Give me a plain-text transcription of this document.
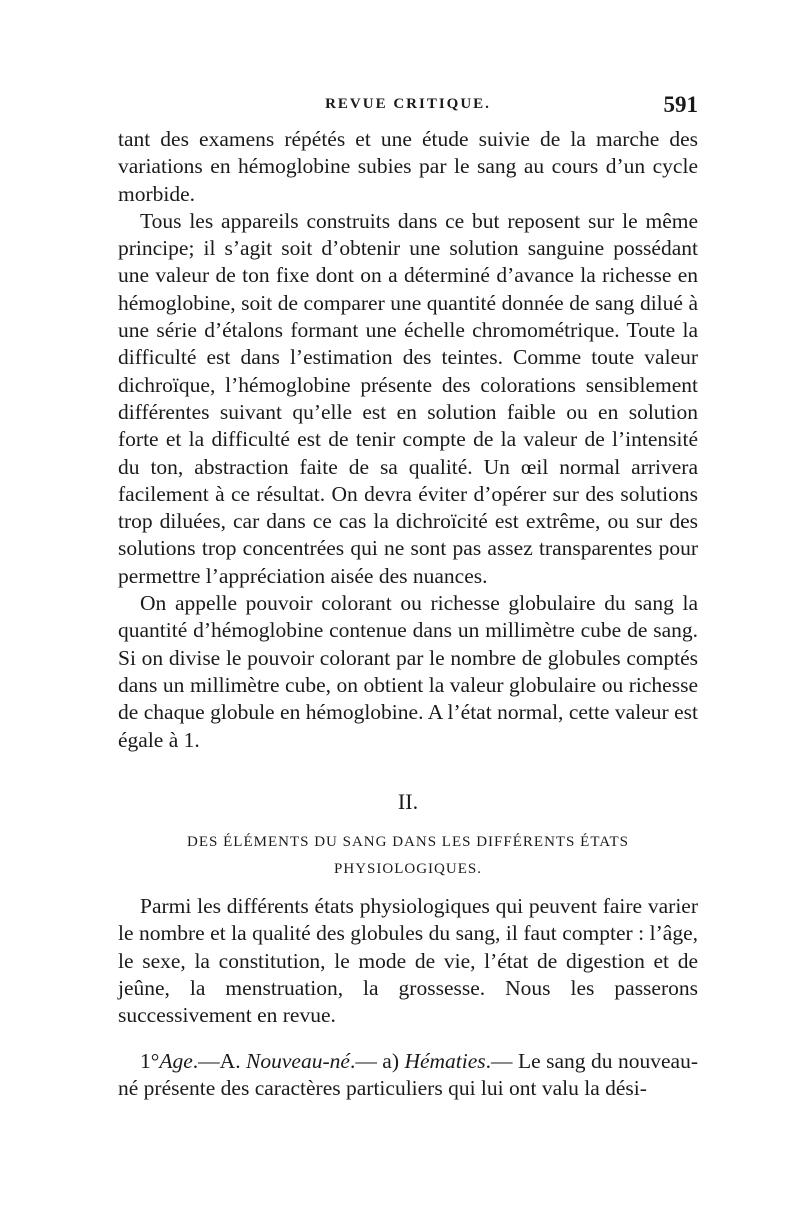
REVUE CRITIQUE.	591

tant des examens répétés et une étude suivie de la marche des variations en hémoglobine subies par le sang au cours d’un cycle morbide.

Tous les appareils construits dans ce but reposent sur le même principe; il s’agit soit d’obtenir une solution sanguine possédant une valeur de ton fixe dont on a déterminé d’avance la richesse en hémoglobine, soit de comparer une quantité donnée de sang dilué à une série d’étalons formant une échelle chromométrique. Toute la difficulté est dans l’estimation des teintes. Comme toute valeur dichroïque, l’hémoglobine présente des colorations sensiblement différentes suivant qu’elle est en solution faible ou en solution forte et la difficulté est de tenir compte de la valeur de l’intensité du ton, abstraction faite de sa qualité. Un œil normal arrivera facilement à ce résultat. On devra éviter d’opérer sur des solutions trop diluées, car dans ce cas la dichroïcité est extrême, ou sur des solutions trop concentrées qui ne sont pas assez transparentes pour permettre l’appréciation aisée des nuances.

On appelle pouvoir colorant ou richesse globulaire du sang la quantité d’hémoglobine contenue dans un millimètre cube de sang. Si on divise le pouvoir colorant par le nombre de globules comptés dans un millimètre cube, on obtient la valeur globulaire ou richesse de chaque globule en hémoglobine. A l’état normal, cette valeur est égale à 1.

II.
DES ÉLÉMENTS DU SANG DANS LES DIFFÉRENTS ÉTATS PHYSIOLOGIQUES.

Parmi les différents états physiologiques qui peuvent faire varier le nombre et la qualité des globules du sang, il faut compter : l’âge, le sexe, la constitution, le mode de vie, l’état de digestion et de jeûne, la menstruation, la grossesse. Nous les passerons successivement en revue.

1°Age.—A. Nouveau-né.— a) Hématies.— Le sang du nouveau-né présente des caractères particuliers qui lui ont valu la dési-
